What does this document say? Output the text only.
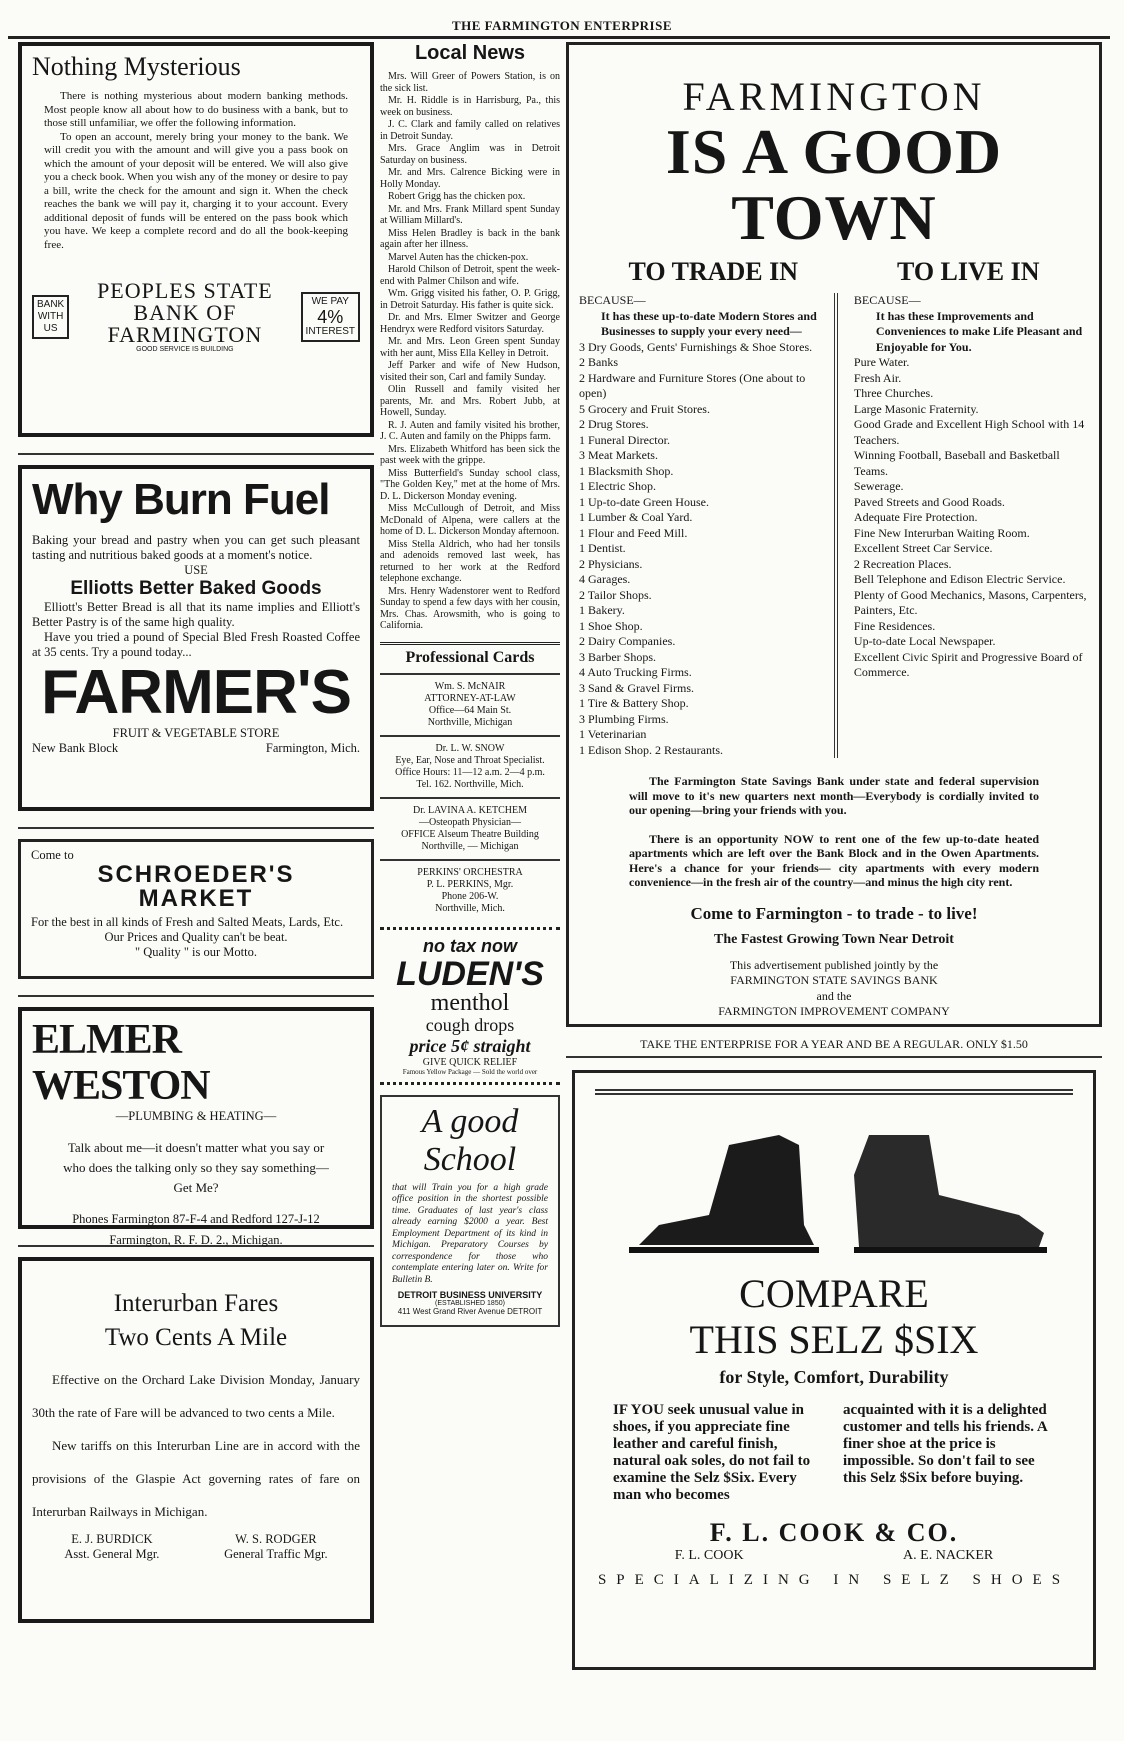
THE FARMINGTON ENTERPRISE
Nothing Mysterious

There is nothing mysterious about modern banking methods. Most people know all about how to do business with a bank, but to those still unfamiliar, we offer the following information.

To open an account, merely bring your money to the bank. We will credit you with the amount and will give you a pass book on which the amount of your deposit will be entered. We will also give you a check book. When you wish any of the money or desire to pay a bill, write the check for the amount and sign it. When the check reaches the bank we will pay it, charging it to your account. Every additional deposit of funds will be entered on the pass book which you have. We keep a complete record and do all the book-keeping free.

BANK
WITH
US
PEOPLES STATE
BANK OF
FARMINGTON
GOOD SERVICE IS BUILDING
WE PAY
4%
INTEREST
Why Burn Fuel
Baking your bread and pastry when you can get such pleasant tasting and nutritious baked goods at a moment's notice.
USE
Elliotts Better Baked Goods
Elliott's Better Bread is all that its name implies and Elliott's Better Pastry is of the same high quality.
Have you tried a pound of Special Bled Fresh Roasted Coffee at 35 cents. Try a pound today...
FARMER'S
FRUIT & VEGETABLE STORE
New Bank Block	Farmington, Mich.
Come to
SCHROEDER'S
MARKET
For the best in all kinds of Fresh and Salted Meats, Lards, Etc.
Our Prices and Quality can't be beat.
" Quality " is our Motto.
ELMER WESTON
—PLUMBING & HEATING—
Talk about me—it doesn't matter what you say or who does the talking only so they say something—Get Me?
Phones Farmington 87-F-4 and Redford 127-J-12
Farmington, R. F. D. 2., Michigan.
Interurban Fares
Two Cents A Mile
Effective on the Orchard Lake Division Monday, January 30th the rate of Fare will be advanced to two cents a Mile.
New tariffs on this Interurban Line are in accord with the provisions of the Glaspie Act governing rates of fare on Interurban Railways in Michigan.
E. J. BURDICK
Asst. General Mgr.
W. S. RODGER
General Traffic Mgr.
Local News
Mrs. Will Greer of Powers Station, is on the sick list.
Mr. H. Riddle is in Harrisburg, Pa., this week on business.
J. C. Clark and family called on relatives in Detroit Sunday.
Mrs. Grace Anglim was in Detroit Saturday on business.
Mr. and Mrs. Calrence Bicking were in Holly Monday.
Robert Grigg has the chicken pox.
Mr. and Mrs. Frank Millard spent Sunday at William Millard's.
Miss Helen Bradley is back in the bank again after her illness.
Marvel Auten has the chicken-pox.
Harold Chilson of Detroit, spent the week-end with Palmer Chilson and wife.
Wm. Grigg visited his father, O. P. Grigg, in Detroit Saturday. His father is quite sick.
Dr. and Mrs. Elmer Switzer and George Hendryx were Redford visitors Saturday.
Mr. and Mrs. Leon Green spent Sunday with her aunt, Miss Ella Kelley in Detroit.
Jeff Parker and wife of New Hudson, visited their son, Carl and family Sunday.
Olin Russell and family visited her parents, Mr. and Mrs. Robert Jubb, at Howell, Sunday.
R. J. Auten and family visited his brother, J. C. Auten and family on the Phipps farm.
Mrs. Elizabeth Whitford has been sick the past week with the grippe.
Miss Butterfield's Sunday school class, "The Golden Key," met at the home of Mrs. D. L. Dickerson Monday evening.
Miss McCullough of Detroit, and Miss McDonald of Alpena, were callers at the home of D. L. Dickerson Monday afternoon.
Miss Stella Aldrich, who had her tonsils and adenoids removed last week, has returned to her work at the Redford telephone exchange.
Mrs. Henry Wadenstorer went to Redford Sunday to spend a few days with her cousin, Mrs. Chas. Arowsmith, who is going to California.
Professional Cards
Wm. S. McNAIR
ATTORNEY-AT-LAW
Office—64 Main St.
Northville, Michigan
Dr. L. W. SNOW
Eye, Ear, Nose and Throat Specialist.
Office Hours: 11—12 a.m. 2—4 p.m.
Tel. 162. Northville, Mich.
Dr. LAVINA A. KETCHEM
—Osteopath Physician—
OFFICE Alseum Theatre Building
Northville, — Michigan
PERKINS' ORCHESTRA
P. L. PERKINS, Mgr.
Phone 206-W.
Northville, Mich.
no tax now
LUDEN'S
menthol
cough drops
price 5¢ straight
GIVE QUICK RELIEF
Famous Yellow Package — Sold the world over
A good
School
that will Train you for a high grade office position in the shortest possible time. Graduates of last year's class already earning $2000 a year. Best Employment Department of its kind in Michigan. Preparatory Courses by correspondence for those who contemplate entering later on. Write for Bulletin B.
DETROIT BUSINESS UNIVERSITY
(ESTABLISHED 1850)
411 West Grand River Avenue DETROIT
FARMINGTON
IS A GOOD TOWN
TO TRADE IN	TO LIVE IN
BECAUSE—
It has these up-to-date Modern Stores and Businesses to supply your every need—
3 Dry Goods, Gents' Furnishings & Shoe Stores.
2 Banks
2 Hardware and Furniture Stores (One about to open)
5 Grocery and Fruit Stores.
2 Drug Stores.
1 Funeral Director.
3 Meat Markets.
1 Blacksmith Shop.
1 Electric Shop.
1 Up-to-date Green House.
1 Lumber & Coal Yard.
1 Flour and Feed Mill.
1 Dentist.
2 Physicians.
4 Garages.
2 Tailor Shops.
1 Bakery.
1 Shoe Shop.
2 Dairy Companies.
3 Barber Shops.
4 Auto Trucking Firms.
3 Sand & Gravel Firms.
1 Tire & Battery Shop.
3 Plumbing Firms.
1 Veterinarian
1 Edison Shop. 2 Restaurants.
BECAUSE—
It has these Improvements and Conveniences to make Life Pleasant and Enjoyable for You.
Pure Water.
Fresh Air.
Three Churches.
Large Masonic Fraternity.
Good Grade and Excellent High School with 14 Teachers.
Winning Football, Baseball and Basketball Teams.
Sewerage.
Paved Streets and Good Roads.
Adequate Fire Protection.
Fine New Interurban Waiting Room.
Excellent Street Car Service.
2 Recreation Places.
Bell Telephone and Edison Electric Service.
Plenty of Good Mechanics, Masons, Carpenters, Painters, Etc.
Fine Residences.
Up-to-date Local Newspaper.
Excellent Civic Spirit and Progressive Board of Commerce.
The Farmington State Savings Bank under state and federal supervision will move to it's new quarters next month—Everybody is cordially invited to our opening—bring your friends with you.
There is an opportunity NOW to rent one of the few up-to-date heated apartments which are left over the Bank Block and in the Owen Apartments. Here's a chance for your friends— city apartments with every modern convenience—in the fresh air of the country—and minus the high city rent.
Come to Farmington - to trade - to live!
The Fastest Growing Town Near Detroit
This advertisement published jointly by the
FARMINGTON STATE SAVINGS BANK
and the
FARMINGTON IMPROVEMENT COMPANY
TAKE THE ENTERPRISE FOR A YEAR AND BE A REGULAR. ONLY $1.50
COMPARE
THIS SELZ $SIX
for Style, Comfort, Durability
IF YOU seek unusual value in shoes, if you appreciate fine leather and careful finish, natural oak soles, do not fail to examine the Selz $Six. Every man who becomes
acquainted with it is a delighted customer and tells his friends. A finer shoe at the price is impossible. So don't fail to see this Selz $Six before buying.
F. L. COOK & CO.
F. L. COOK	A. E. NACKER
SPECIALIZING IN SELZ SHOES
